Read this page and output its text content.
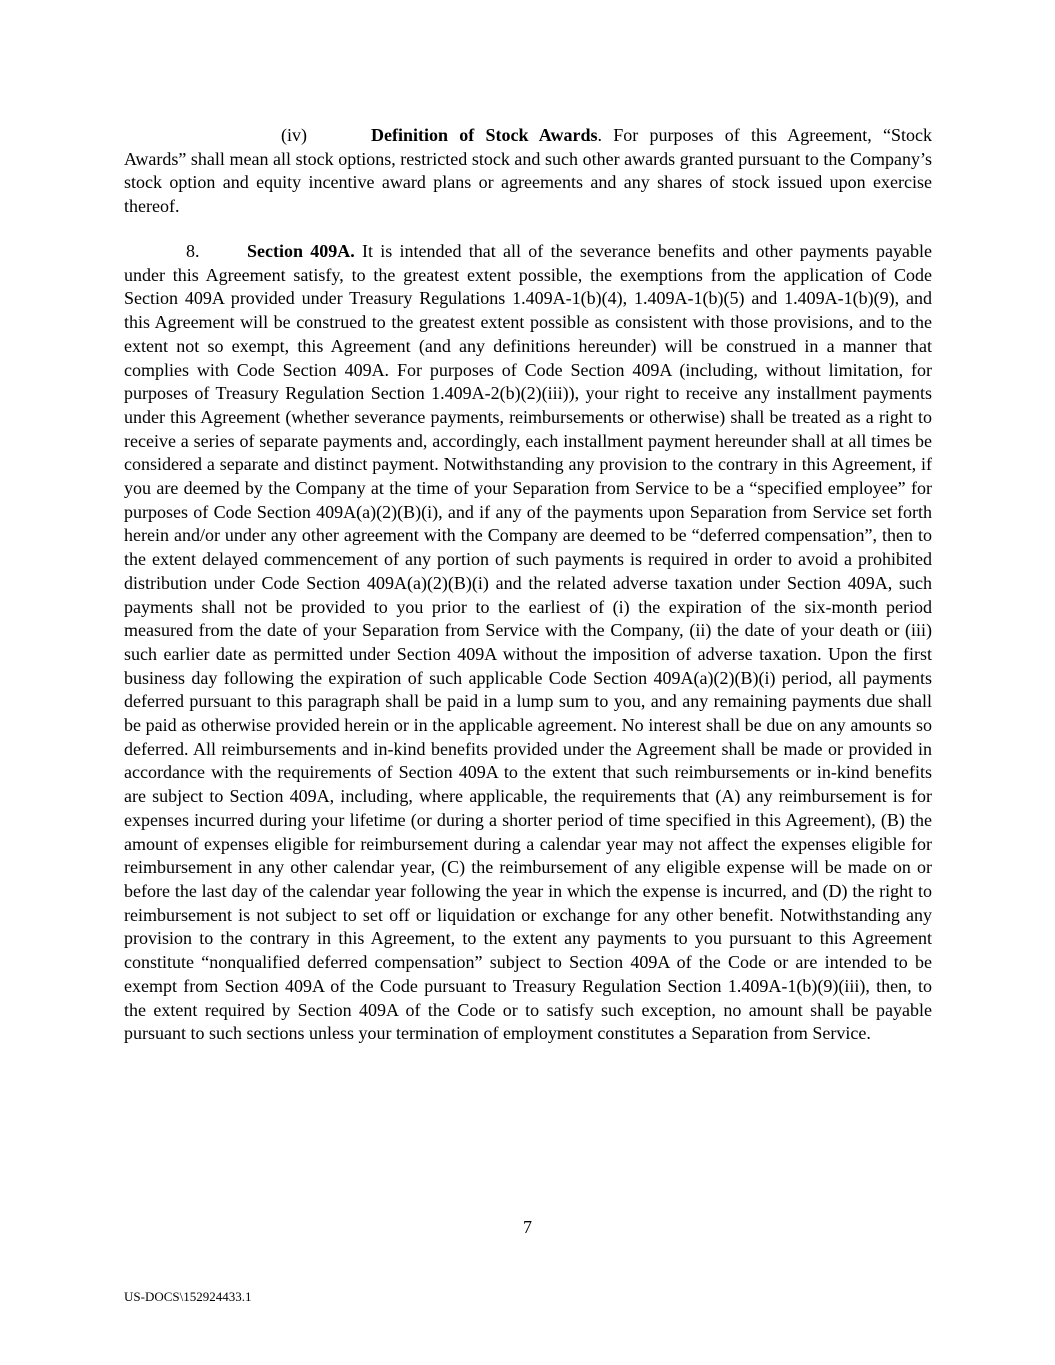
(iv)	Definition of Stock Awards. For purposes of this Agreement, “Stock Awards” shall mean all stock options, restricted stock and such other awards granted pursuant to the Company’s stock option and equity incentive award plans or agreements and any shares of stock issued upon exercise thereof.

8.	Section 409A. It is intended that all of the severance benefits and other payments payable under this Agreement satisfy, to the greatest extent possible, the exemptions from the application of Code Section 409A provided under Treasury Regulations 1.409A-1(b)(4), 1.409A-1(b)(5) and 1.409A-1(b)(9), and this Agreement will be construed to the greatest extent possible as consistent with those provisions, and to the extent not so exempt, this Agreement (and any definitions hereunder) will be construed in a manner that complies with Code Section 409A. For purposes of Code Section 409A (including, without limitation, for purposes of Treasury Regulation Section 1.409A-2(b)(2)(iii)), your right to receive any installment payments under this Agreement (whether severance payments, reimbursements or otherwise) shall be treated as a right to receive a series of separate payments and, accordingly, each installment payment hereunder shall at all times be considered a separate and distinct payment. Notwithstanding any provision to the contrary in this Agreement, if you are deemed by the Company at the time of your Separation from Service to be a “specified employee” for purposes of Code Section 409A(a)(2)(B)(i), and if any of the payments upon Separation from Service set forth herein and/or under any other agreement with the Company are deemed to be “deferred compensation”, then to the extent delayed commencement of any portion of such payments is required in order to avoid a prohibited distribution under Code Section 409A(a)(2)(B)(i) and the related adverse taxation under Section 409A, such payments shall not be provided to you prior to the earliest of (i) the expiration of the six-month period measured from the date of your Separation from Service with the Company, (ii) the date of your death or (iii) such earlier date as permitted under Section 409A without the imposition of adverse taxation. Upon the first business day following the expiration of such applicable Code Section 409A(a)(2)(B)(i) period, all payments deferred pursuant to this paragraph shall be paid in a lump sum to you, and any remaining payments due shall be paid as otherwise provided herein or in the applicable agreement. No interest shall be due on any amounts so deferred. All reimbursements and in-kind benefits provided under the Agreement shall be made or provided in accordance with the requirements of Section 409A to the extent that such reimbursements or in-kind benefits are subject to Section 409A, including, where applicable, the requirements that (A) any reimbursement is for expenses incurred during your lifetime (or during a shorter period of time specified in this Agreement), (B) the amount of expenses eligible for reimbursement during a calendar year may not affect the expenses eligible for reimbursement in any other calendar year, (C) the reimbursement of any eligible expense will be made on or before the last day of the calendar year following the year in which the expense is incurred, and (D) the right to reimbursement is not subject to set off or liquidation or exchange for any other benefit. Notwithstanding any provision to the contrary in this Agreement, to the extent any payments to you pursuant to this Agreement constitute “nonqualified deferred compensation” subject to Section 409A of the Code or are intended to be exempt from Section 409A of the Code pursuant to Treasury Regulation Section 1.409A-1(b)(9)(iii), then, to the extent required by Section 409A of the Code or to satisfy such exception, no amount shall be payable pursuant to such sections unless your termination of employment constitutes a Separation from Service.

7
US-DOCS\152924433.1
